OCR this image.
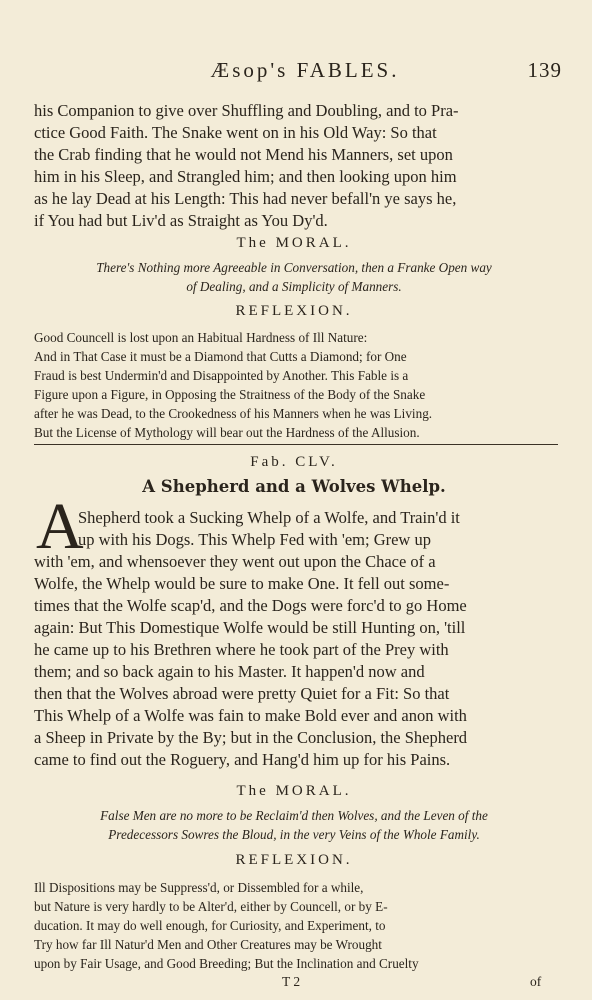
Æsop's FABLES.	139
his Companion to give over Shuffling and Doubling, and to Pra-
ctice Good Faith. The Snake went on in his Old Way: So that
the Crab finding that he would not Mend his Manners, set upon
him in his Sleep, and Strangled him; and then looking upon him
as he lay Dead at his Length: This had never befall'n ye says he,
if You had but Liv'd as Straight as You Dy'd.
The MORAL.
There's Nothing more Agreeable in Conversation, then a Franke Open way
of Dealing, and a Simplicity of Manners.
REFLEXION.
Good Councell is lost upon an Habitual Hardness of Ill Nature:
And in That Case it must be a Diamond that Cutts a Diamond; for One
Fraud is best Undermin'd and Disappointed by Another. This Fable is a
Figure upon a Figure, in Opposing the Straitness of the Body of the Snake
after he was Dead, to the Crookedness of his Manners when he was Living.
But the License of Mythology will bear out the Hardness of the Allusion.
Fab. CLV.
A Shepherd and a Wolves Whelp.
A
Shepherd took a Sucking Whelp of a Wolfe, and Train'd it
up with his Dogs. This Whelp Fed with 'em; Grew up
with 'em, and whensoever they went out upon the Chace of a
Wolfe, the Whelp would be sure to make One. It fell out some-
times that the Wolfe scap'd, and the Dogs were forc'd to go Home
again: But This Domestique Wolfe would be still Hunting on, 'till
he came up to his Brethren where he took part of the Prey with
them; and so back again to his Master. It happen'd now and
then that the Wolves abroad were pretty Quiet for a Fit: So that
This Whelp of a Wolfe was fain to make Bold ever and anon with
a Sheep in Private by the By; but in the Conclusion, the Shepherd
came to find out the Roguery, and Hang'd him up for his Pains.
The MORAL.
False Men are no more to be Reclaim'd then Wolves, and the Leven of the
Predecessors Sowres the Bloud, in the very Veins of the Whole Family.
REFLEXION.
Ill Dispositions may be Suppress'd, or Dissembled for a while,
but Nature is very hardly to be Alter'd, either by Councell, or by E-
ducation. It may do well enough, for Curiosity, and Experiment, to
Try how far Ill Natur'd Men and Other Creatures may be Wrought
upon by Fair Usage, and Good Breeding; But the Inclination and Cruelty
T 2	of
